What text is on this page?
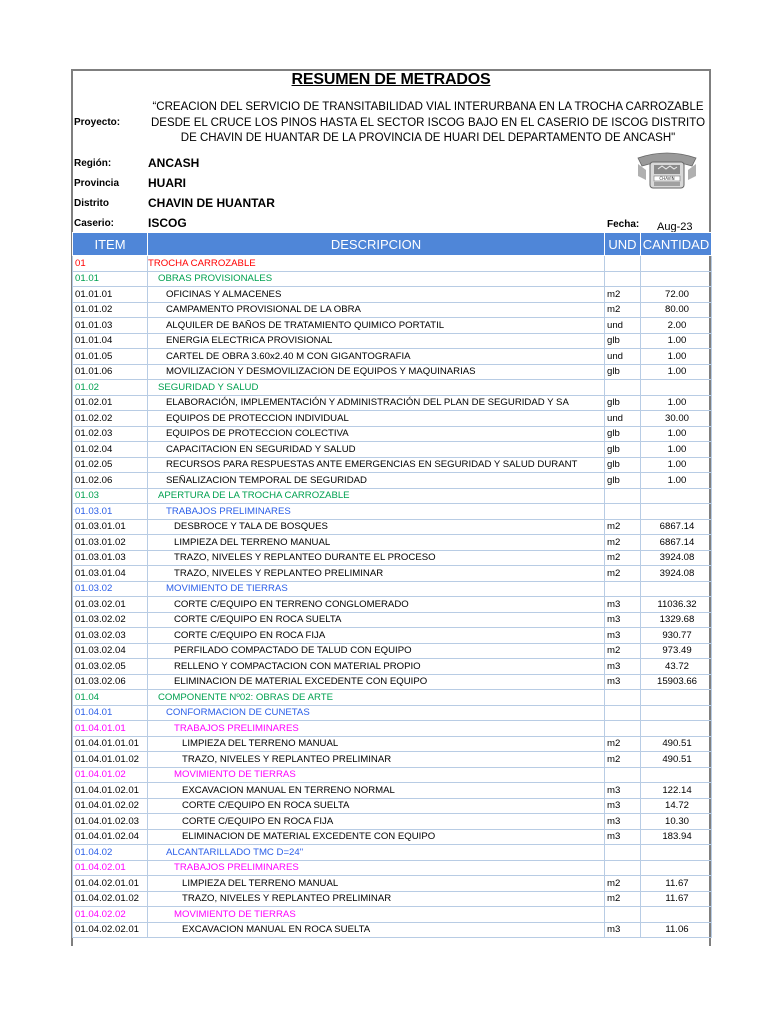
RESUMEN DE METRADOS
Proyecto:
“CREACION DEL SERVICIO DE TRANSITABILIDAD VIAL INTERURBANA EN LA TROCHA CARROZABLE DESDE EL CRUCE LOS PINOS HASTA EL SECTOR ISCOG BAJO EN EL CASERIO DE ISCOG DISTRITO DE CHAVIN DE HUANTAR DE LA PROVINCIA DE HUARI DEL DEPARTAMENTO DE ANCASH"
Región:	ANCASH
Provincia HUARI
Distrito	CHAVIN DE HUANTAR
Caserio:	ISCOG	Fecha: Aug-23
CHAVIN
ITEM	DESCRIPCION	UND	CANTIDAD
01	TROCHA CARROZABLE		
01.01	OBRAS PROVISIONALES		
01.01.01	OFICINAS Y ALMACENES	m2	72.00
01.01.02	CAMPAMENTO PROVISIONAL DE LA OBRA	m2	80.00
01.01.03	ALQUILER DE BAÑOS DE TRATAMIENTO QUIMICO PORTATIL	und	2.00
01.01.04	ENERGIA ELECTRICA PROVISIONAL	glb	1.00
01.01.05	CARTEL DE OBRA 3.60x2.40 M CON GIGANTOGRAFIA	und	1.00
01.01.06	MOVILIZACION Y DESMOVILIZACION DE EQUIPOS Y MAQUINARIAS	glb	1.00
01.02	SEGURIDAD Y SALUD		
01.02.01	ELABORACIÓN, IMPLEMENTACIÓN Y ADMINISTRACIÓN DEL PLAN DE SEGURIDAD Y SA	glb	1.00
01.02.02	EQUIPOS DE PROTECCION INDIVIDUAL	und	30.00
01.02.03	EQUIPOS DE PROTECCION COLECTIVA	glb	1.00
01.02.04	CAPACITACION EN SEGURIDAD Y SALUD	glb	1.00
01.02.05	RECURSOS PARA RESPUESTAS ANTE EMERGENCIAS EN SEGURIDAD Y SALUD DURANT	glb	1.00
01.02.06	SEÑALIZACION TEMPORAL DE SEGURIDAD	glb	1.00
01.03	APERTURA DE LA TROCHA CARROZABLE		
01.03.01	TRABAJOS PRELIMINARES		
01.03.01.01	DESBROCE Y TALA DE BOSQUES	m2	6867.14
01.03.01.02	LIMPIEZA DEL TERRENO MANUAL	m2	6867.14
01.03.01.03	TRAZO, NIVELES Y REPLANTEO DURANTE EL PROCESO	m2	3924.08
01.03.01.04	TRAZO, NIVELES Y REPLANTEO PRELIMINAR	m2	3924.08
01.03.02	MOVIMIENTO DE TIERRAS		
01.03.02.01	CORTE C/EQUIPO EN TERRENO CONGLOMERADO	m3	11036.32
01.03.02.02	CORTE C/EQUIPO EN ROCA SUELTA	m3	1329.68
01.03.02.03	CORTE C/EQUIPO EN ROCA FIJA	m3	930.77
01.03.02.04	PERFILADO COMPACTADO DE TALUD CON EQUIPO	m2	973.49
01.03.02.05	RELLENO Y COMPACTACION CON MATERIAL PROPIO	m3	43.72
01.03.02.06	ELIMINACION DE MATERIAL EXCEDENTE CON EQUIPO	m3	15903.66
01.04	COMPONENTE Nº02: OBRAS DE ARTE		
01.04.01	CONFORMACION DE CUNETAS		
01.04.01.01	TRABAJOS PRELIMINARES		
01.04.01.01.01	LIMPIEZA DEL TERRENO MANUAL	m2	490.51
01.04.01.01.02	TRAZO, NIVELES Y REPLANTEO PRELIMINAR	m2	490.51
01.04.01.02	MOVIMIENTO DE TIERRAS		
01.04.01.02.01	EXCAVACION MANUAL EN TERRENO NORMAL	m3	122.14
01.04.01.02.02	CORTE C/EQUIPO EN ROCA SUELTA	m3	14.72
01.04.01.02.03	CORTE C/EQUIPO EN ROCA FIJA	m3	10.30
01.04.01.02.04	ELIMINACION DE MATERIAL EXCEDENTE CON EQUIPO	m3	183.94
01.04.02	ALCANTARILLADO TMC D=24"		
01.04.02.01	TRABAJOS PRELIMINARES		
01.04.02.01.01	LIMPIEZA DEL TERRENO MANUAL	m2	11.67
01.04.02.01.02	TRAZO, NIVELES Y REPLANTEO PRELIMINAR	m2	11.67
01.04.02.02	MOVIMIENTO DE TIERRAS		
01.04.02.02.01	EXCAVACION MANUAL EN ROCA SUELTA	m3	11.06
